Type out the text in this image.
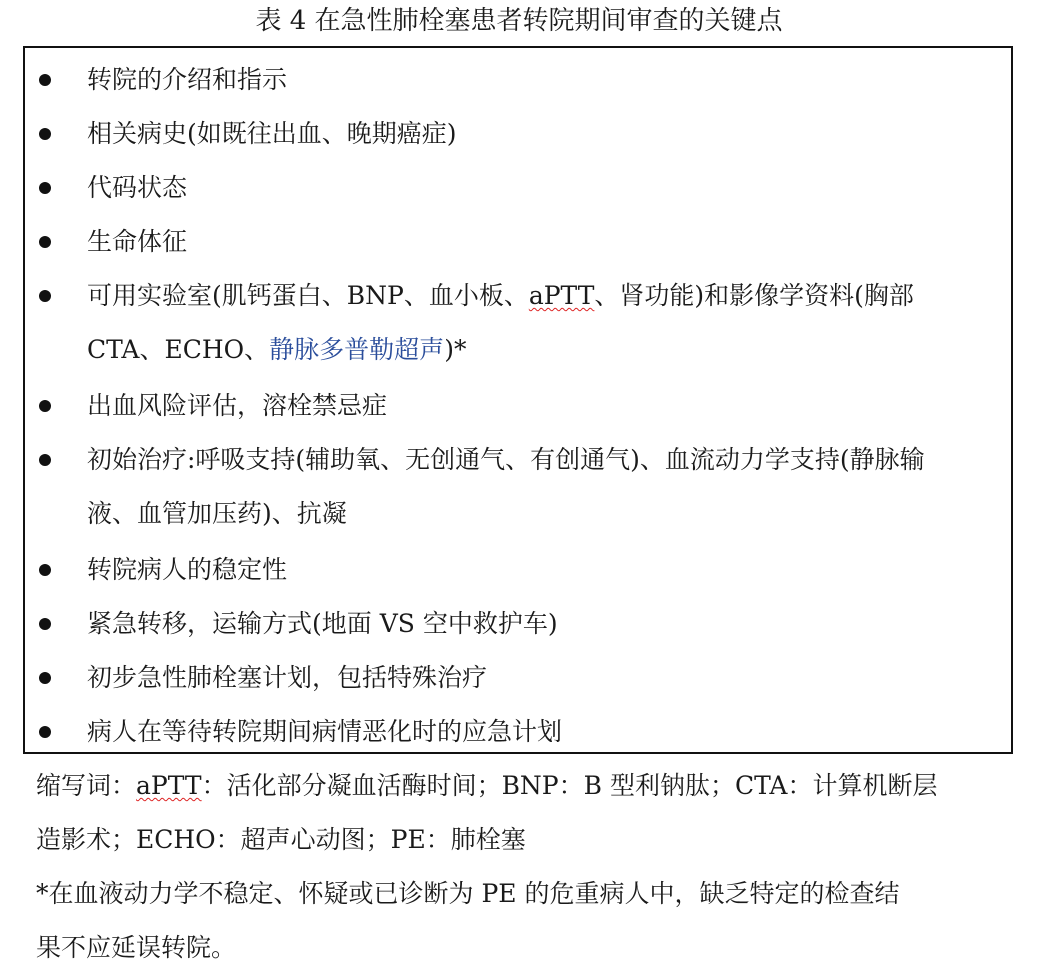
表 4 在急性肺栓塞患者转院期间审查的关键点
转院的介绍和指示
相关病史(如既往出血、晚期癌症)
代码状态
生命体征
可用实验室(肌钙蛋白、BNP、血小板、aPTT、肾功能)和影像学资料(胸部
CTA、ECHO、静脉多普勒超声)*
出血风险评估，溶栓禁忌症
初始治疗:呼吸支持(辅助氧、无创通气、有创通气)、血流动力学支持(静脉输
液、血管加压药)、抗凝
转院病人的稳定性
紧急转移，运输方式(地面 VS 空中救护车)
初步急性肺栓塞计划，包括特殊治疗
病人在等待转院期间病情恶化时的应急计划
缩写词：aPTT：活化部分凝血活酶时间；BNP：B 型利钠肽；CTA：计算机断层
造影术；ECHO：超声心动图；PE：肺栓塞
*在血液动力学不稳定、怀疑或已诊断为 PE 的危重病人中，缺乏特定的检查结
果不应延误转院。
